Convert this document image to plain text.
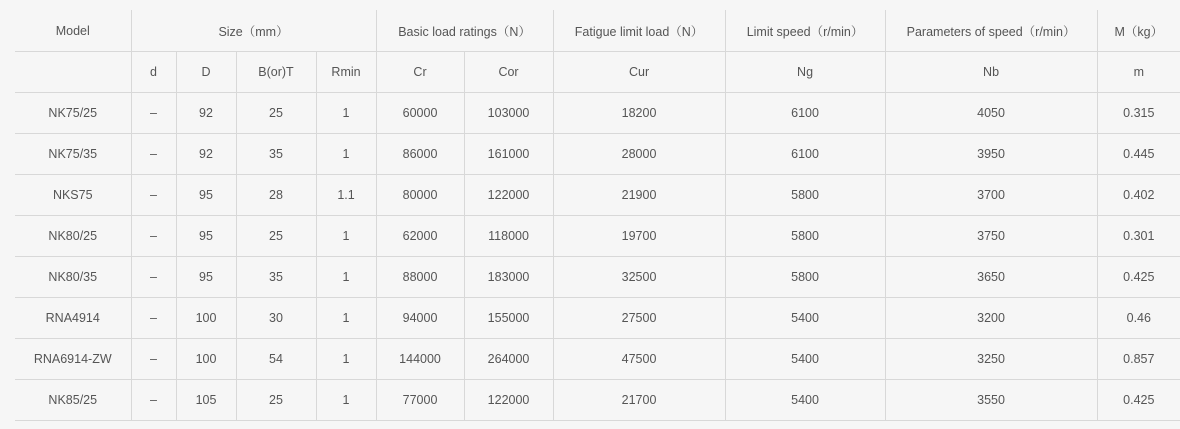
Model	Size（mm）				Basic load ratings（N）		Fatigue limit load（N）	Limit speed（r/min）	Parameters of speed（r/min）	M（kg）
	d	D	B(or)T	Rmin	Cr	Cor	Cur	Ng	Nb	m
NK75/25	–	92	25	1	60000	103000	18200	6100	4050	0.315
NK75/35	–	92	35	1	86000	161000	28000	6100	3950	0.445
NKS75	–	95	28	1.1	80000	122000	21900	5800	3700	0.402
NK80/25	–	95	25	1	62000	118000	19700	5800	3750	0.301
NK80/35	–	95	35	1	88000	183000	32500	5800	3650	0.425
RNA4914	–	100	30	1	94000	155000	27500	5400	3200	0.46
RNA6914-ZW	–	100	54	1	144000	264000	47500	5400	3250	0.857
NK85/25	–	105	25	1	77000	122000	21700	5400	3550	0.425
